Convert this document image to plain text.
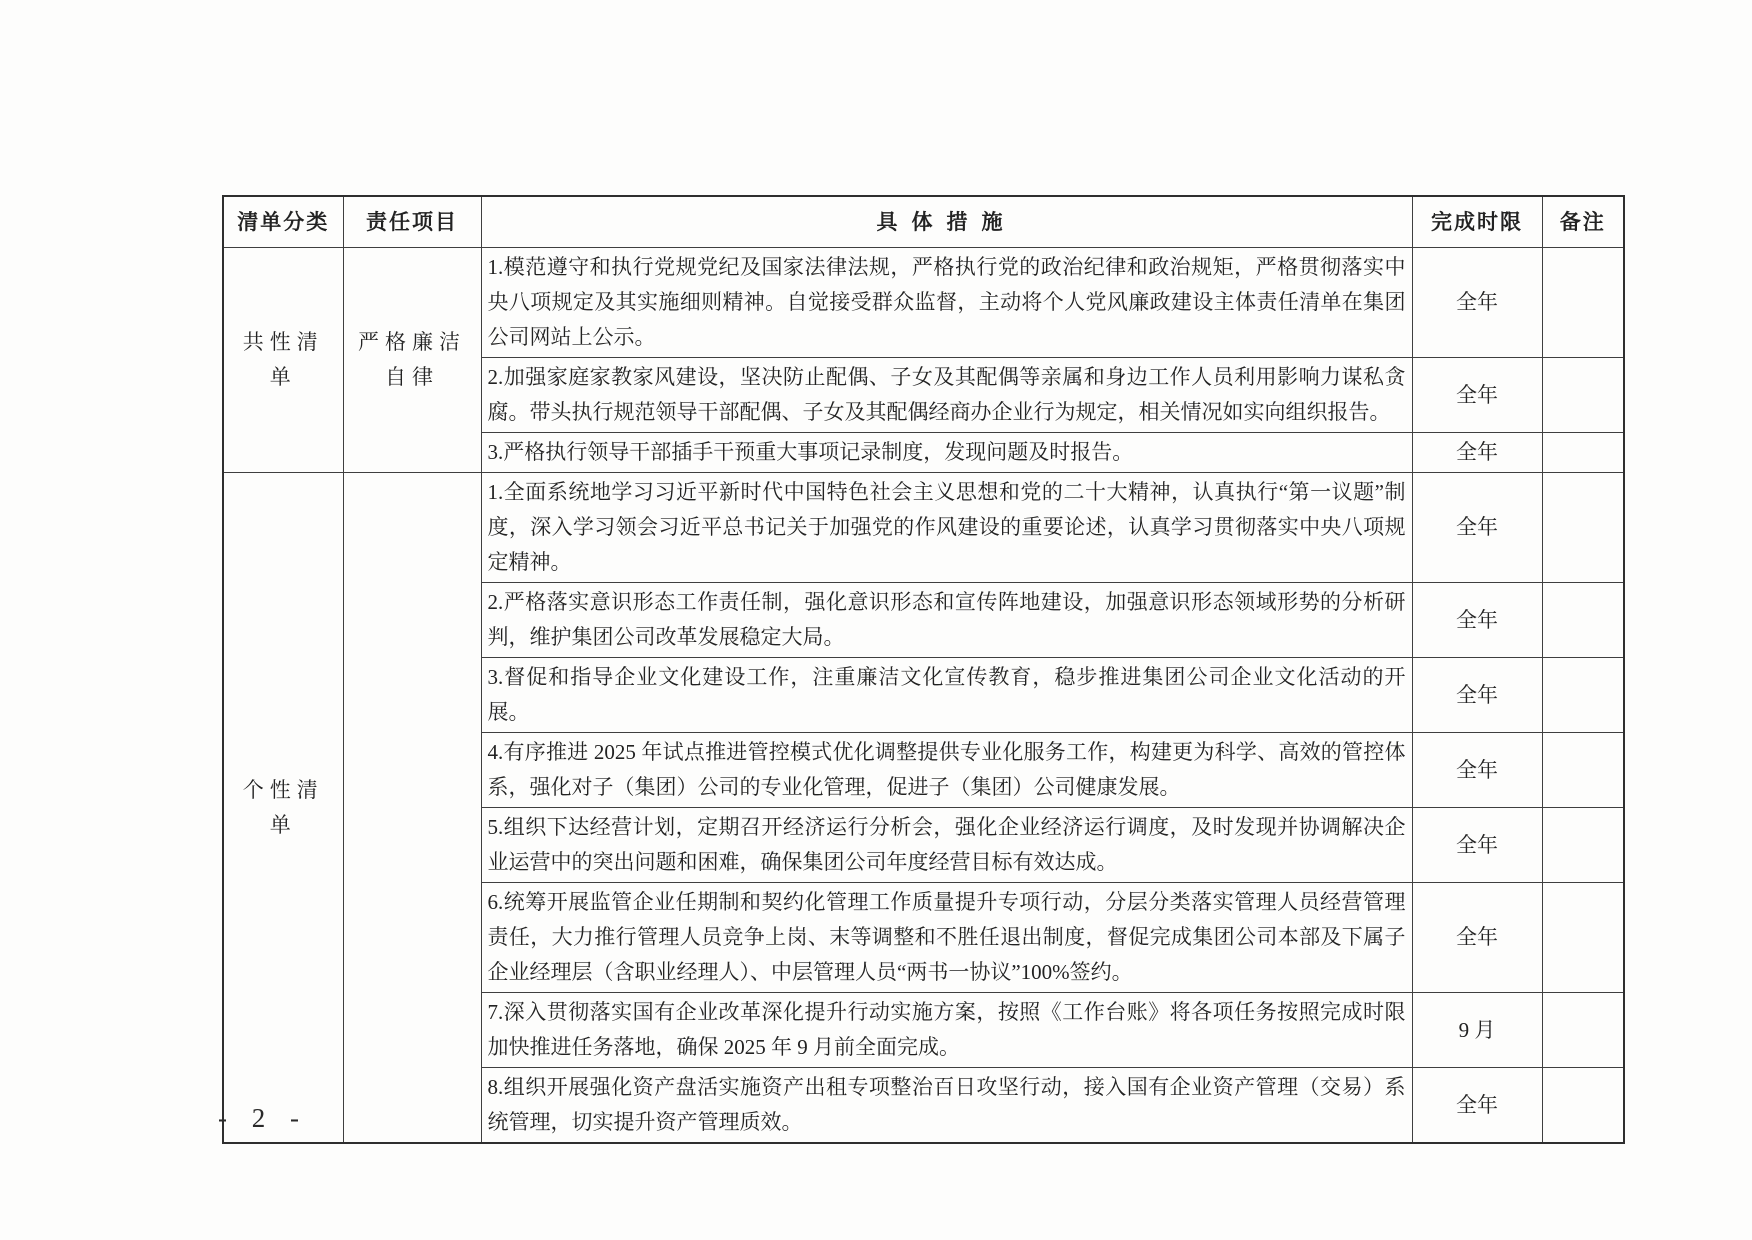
清单分类	责任项目	具体措施	完成时限	备注
共性清单	严格廉洁自律	1.模范遵守和执行党规党纪及国家法律法规，严格执行党的政治纪律和政治规矩，严格贯彻落实中央八项规定及其实施细则精神。自觉接受群众监督，主动将个人党风廉政建设主体责任清单在集团公司网站上公示。	全年	
		2.加强家庭家教家风建设，坚决防止配偶、子女及其配偶等亲属和身边工作人员利用影响力谋私贪腐。带头执行规范领导干部配偶、子女及其配偶经商办企业行为规定，相关情况如实向组织报告。	全年	
		3.严格执行领导干部插手干预重大事项记录制度，发现问题及时报告。	全年	
个性清单		1.全面系统地学习习近平新时代中国特色社会主义思想和党的二十大精神，认真执行“第一议题”制度，深入学习领会习近平总书记关于加强党的作风建设的重要论述，认真学习贯彻落实中央八项规定精神。	全年	
		2.严格落实意识形态工作责任制，强化意识形态和宣传阵地建设，加强意识形态领域形势的分析研判，维护集团公司改革发展稳定大局。	全年	
		3.督促和指导企业文化建设工作，注重廉洁文化宣传教育，稳步推进集团公司企业文化活动的开展。	全年	
		4.有序推进 2025 年试点推进管控模式优化调整提供专业化服务工作，构建更为科学、高效的管控体系，强化对子（集团）公司的专业化管理，促进子（集团）公司健康发展。	全年	
		5.组织下达经营计划，定期召开经济运行分析会，强化企业经济运行调度，及时发现并协调解决企业运营中的突出问题和困难，确保集团公司年度经营目标有效达成。	全年	
		6.统筹开展监管企业任期制和契约化管理工作质量提升专项行动，分层分类落实管理人员经营管理责任，大力推行管理人员竞争上岗、末等调整和不胜任退出制度，督促完成集团公司本部及下属子企业经理层（含职业经理人）、中层管理人员“两书一协议”100%签约。	全年	
		7.深入贯彻落实国有企业改革深化提升行动实施方案，按照《工作台账》将各项任务按照完成时限加快推进任务落地，确保 2025 年 9 月前全面完成。	9 月	
		8.组织开展强化资产盘活实施资产出租专项整治百日攻坚行动，接入国有企业资产管理（交易）系统管理，切实提升资产管理质效。	全年	
- 2 -
